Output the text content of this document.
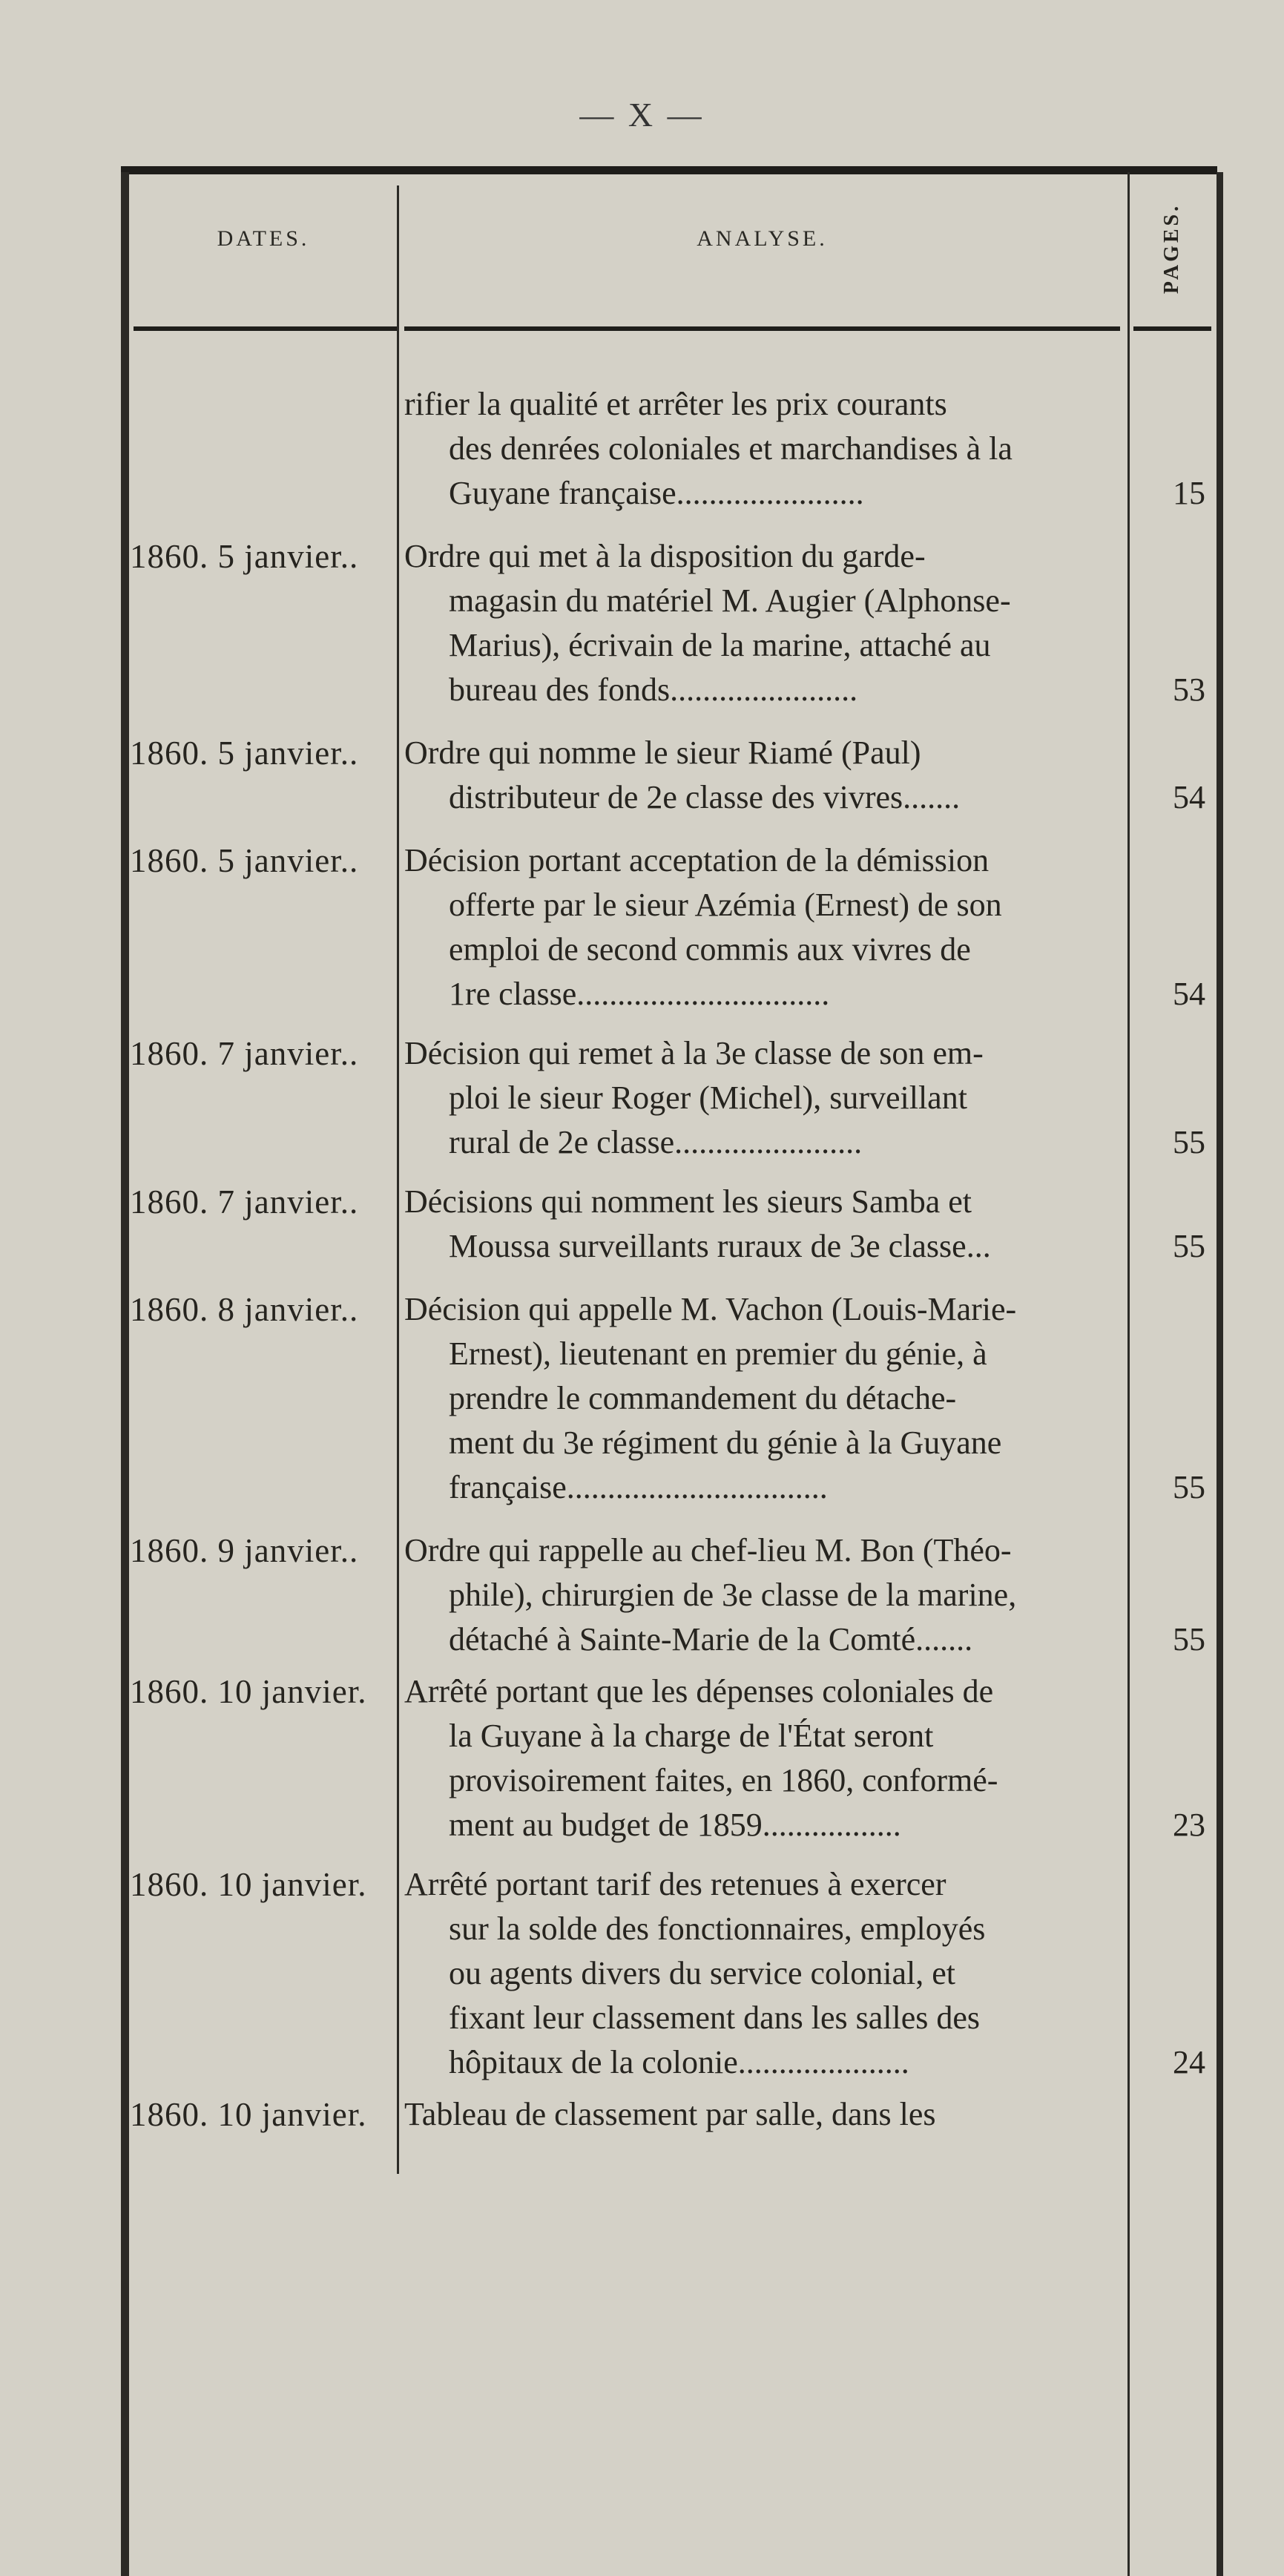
— X —
DATES.	ANALYSE.	PAGES.
rifier la qualité et arrêter les prix courants
des denrées coloniales et marchandises à la
Guyane française.......................	15
1860. 5 janvier..	Ordre qui met à la disposition du garde-
magasin du matériel M. Augier (Alphonse-
Marius), écrivain de la marine, attaché au
bureau des fonds.......................	53
1860. 5 janvier..	Ordre qui nomme le sieur Riamé (Paul)
distributeur de 2e classe des vivres.......	54
1860. 5 janvier..	Décision portant acceptation de la démission
offerte par le sieur Azémia (Ernest) de son
emploi de second commis aux vivres de
1re classe...............................	54
1860. 7 janvier..	Décision qui remet à la 3e classe de son em-
ploi le sieur Roger (Michel), surveillant
rural de 2e classe.......................	55
1860. 7 janvier..	Décisions qui nomment les sieurs Samba et
Moussa surveillants ruraux de 3e classe...	55
1860. 8 janvier..	Décision qui appelle M. Vachon (Louis-Marie-
Ernest), lieutenant en premier du génie, à
prendre le commandement du détache-
ment du 3e régiment du génie à la Guyane
française................................	55
1860. 9 janvier..	Ordre qui rappelle au chef-lieu M. Bon (Théo-
phile), chirurgien de 3e classe de la marine,
détaché à Sainte-Marie de la Comté.......	55
1860. 10 janvier.	Arrêté portant que les dépenses coloniales de
la Guyane à la charge de l'État seront
provisoirement faites, en 1860, conformé-
ment au budget de 1859.................	23
1860. 10 janvier.	Arrêté portant tarif des retenues à exercer
sur la solde des fonctionnaires, employés
ou agents divers du service colonial, et
fixant leur classement dans les salles des
hôpitaux de la colonie.....................	24
1860. 10 janvier.	Tableau de classement par salle, dans les
